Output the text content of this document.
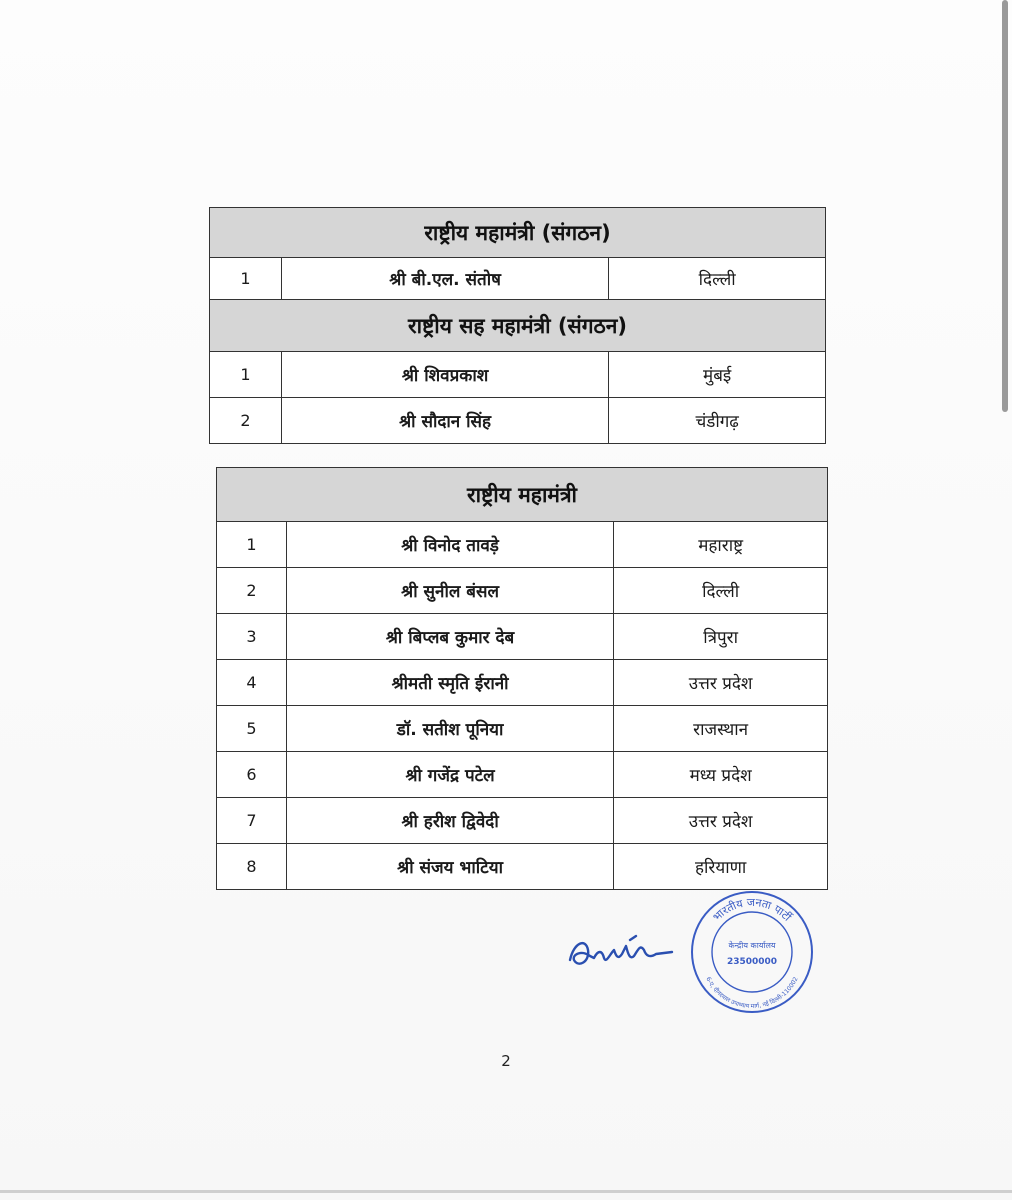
राष्ट्रीय महामंत्री (संगठन)		
1	श्री बी.एल. संतोष	दिल्ली
राष्ट्रीय सह महामंत्री (संगठन)		
1	श्री शिवप्रकाश	मुंबई
2	श्री सौदान सिंह	चंडीगढ़
राष्ट्रीय महामंत्री		
1	श्री विनोद तावड़े	महाराष्ट्र
2	श्री सुनील बंसल	दिल्ली
3	श्री बिप्लब कुमार देब	त्रिपुरा
4	श्रीमती स्मृति ईरानी	उत्तर प्रदेश
5	डॉ. सतीश पूनिया	राजस्थान
6	श्री गजेंद्र पटेल	मध्य प्रदेश
7	श्री हरीश द्विवेदी	उत्तर प्रदेश
8	श्री संजय भाटिया	हरियाणा
भारतीय जनता पार्टी
6-ए, दीनदयाल उपाध्याय मार्ग, नई दिल्ली-110002
केन्द्रीय कार्यालय
23500000
2
